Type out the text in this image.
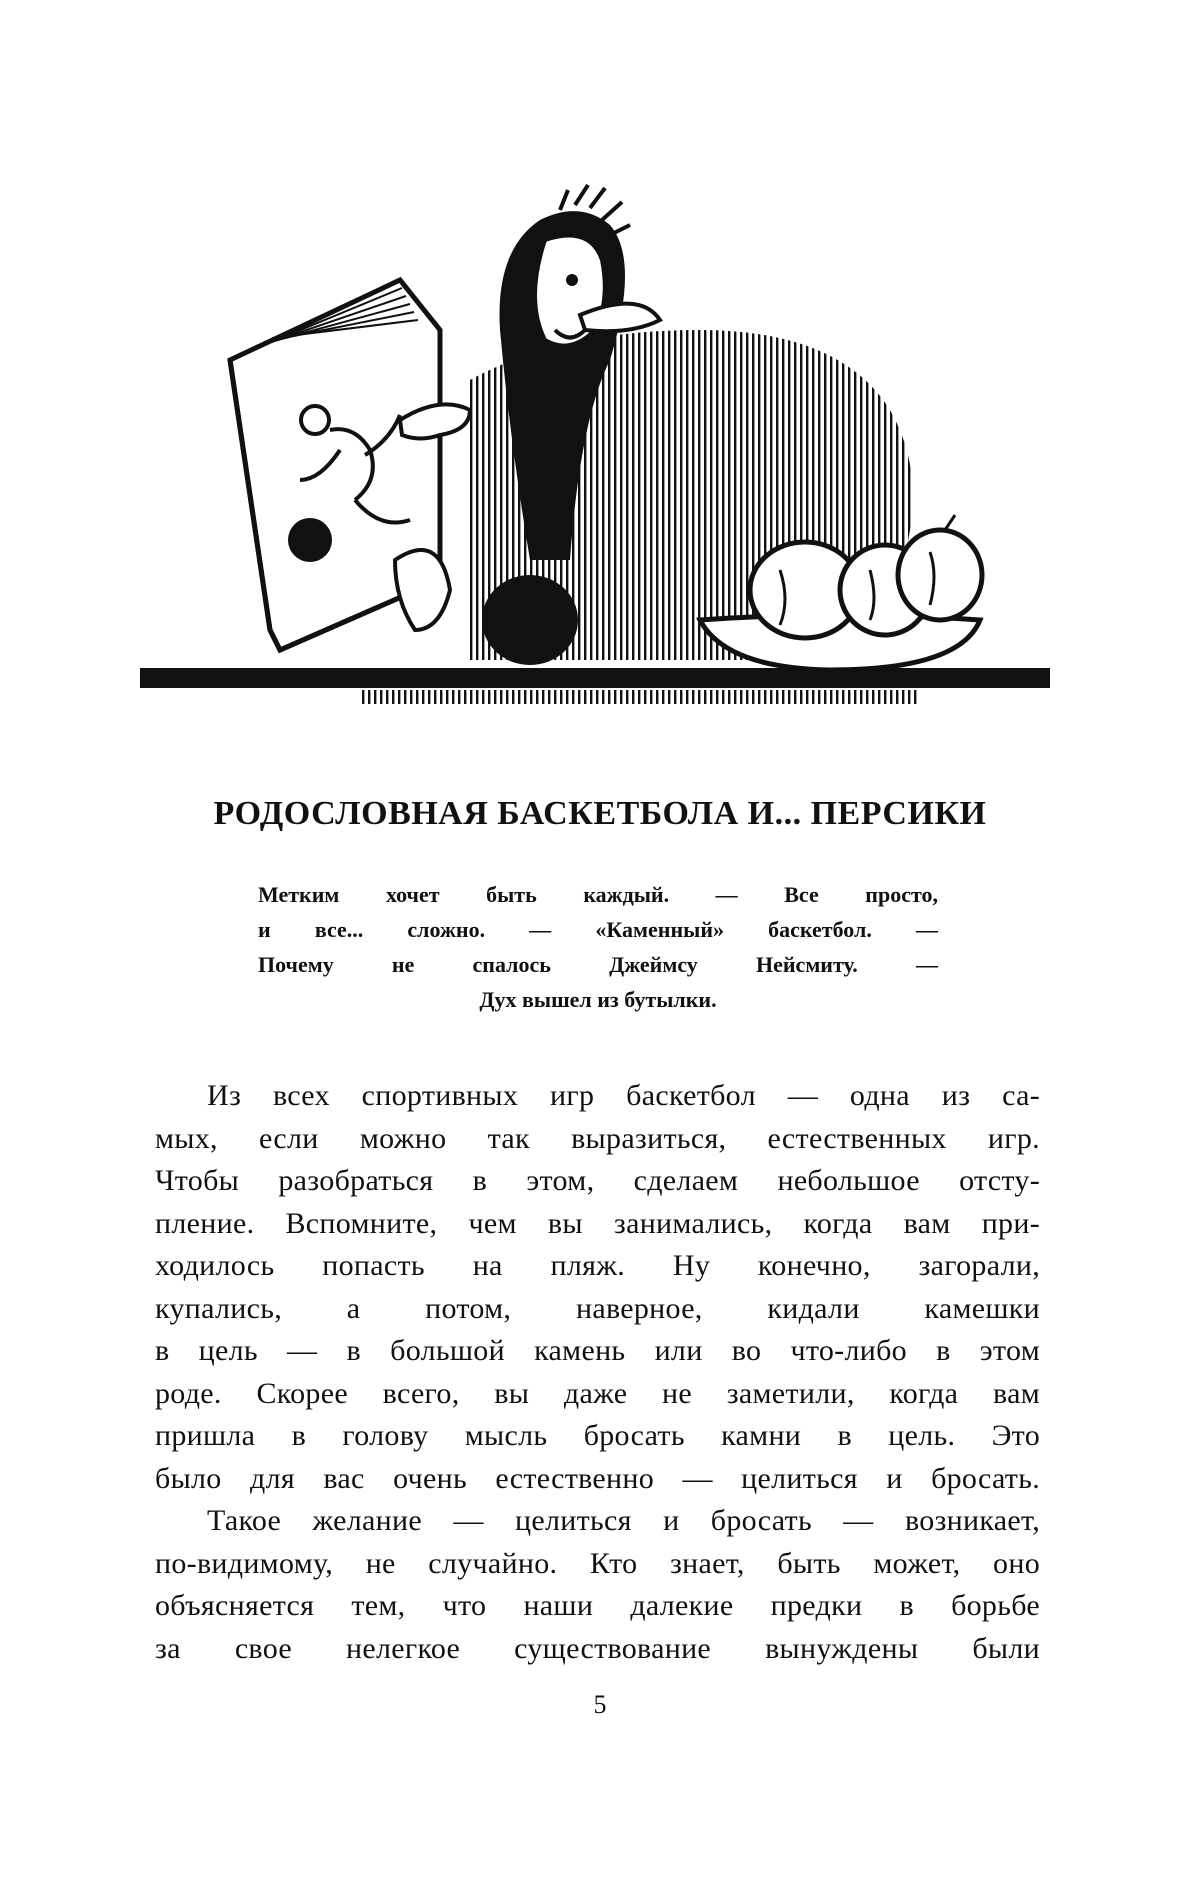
РОДОСЛОВНАЯ БАСКЕТБОЛА И... ПЕРСИКИ
Метким хочет быть каждый. — Все просто,
и все... сложно. — «Каменный» баскетбол. —
Почему не спалось Джеймсу Нейсмиту. —
Дух вышел из бутылки.
Из всех спортивных игр баскетбол — одна из са-
мых, если можно так выразиться, естественных игр.
Чтобы разобраться в этом, сделаем небольшое отсту-
пление. Вспомните, чем вы занимались, когда вам при-
ходилось попасть на пляж. Ну конечно, загорали,
купались, а потом, наверное, кидали камешки
в цель — в большой камень или во что-либо в этом
роде. Скорее всего, вы даже не заметили, когда вам
пришла в голову мысль бросать камни в цель. Это
было для вас очень естественно — целиться и бросать.
Такое желание — целиться и бросать — возникает,
по-видимому, не случайно. Кто знает, быть может, оно
объясняется тем, что наши далекие предки в борьбе
за свое нелегкое существование вынуждены были
5
